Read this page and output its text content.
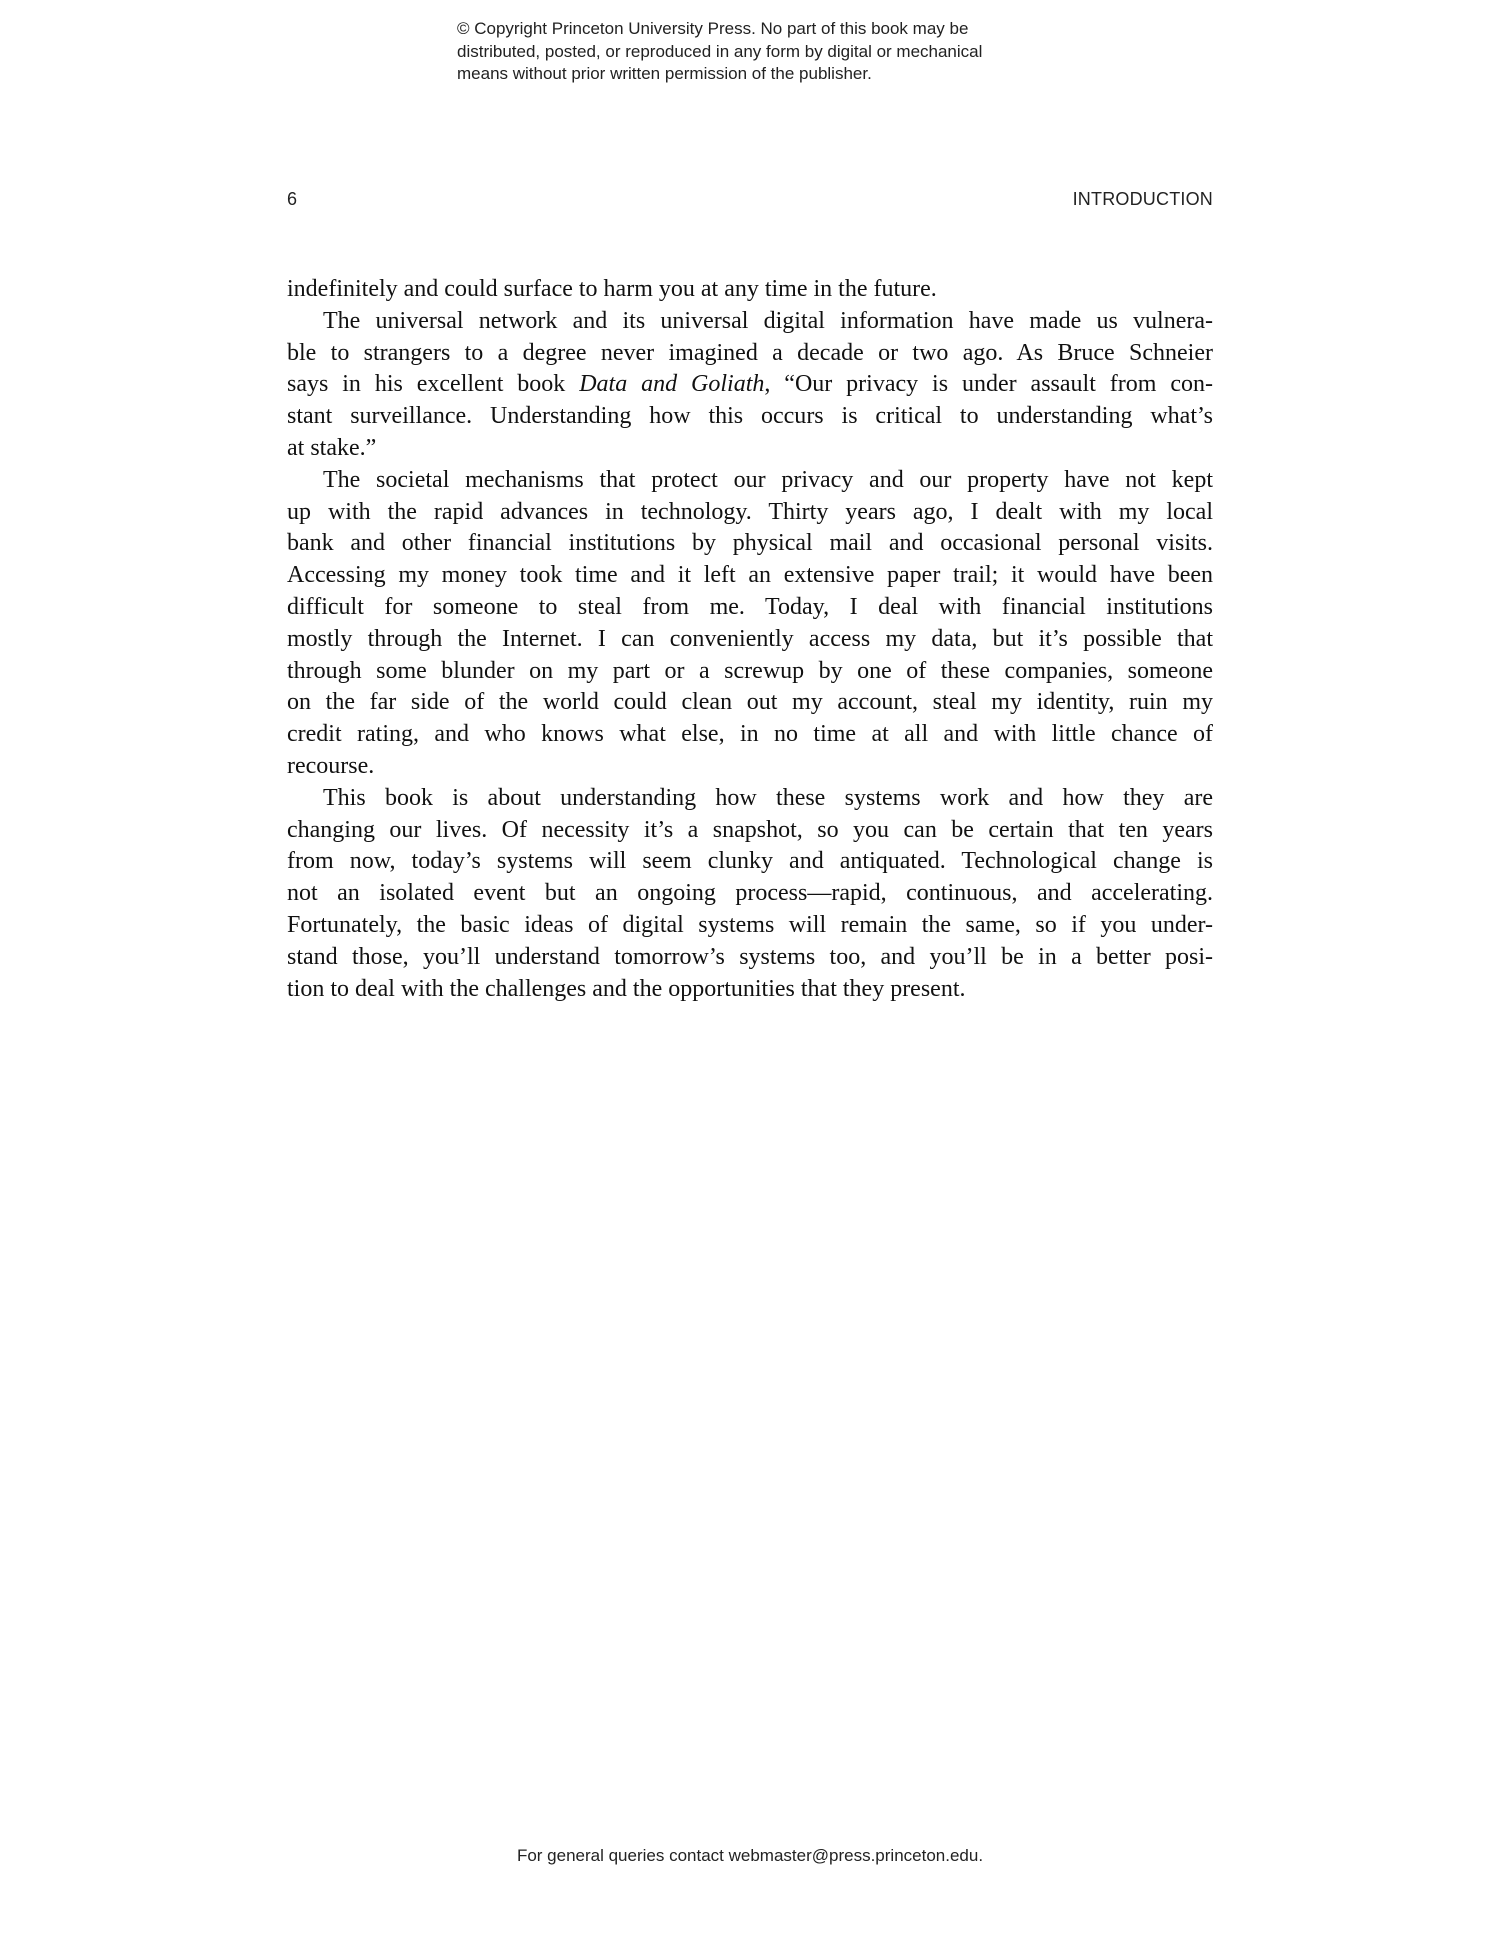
© Copyright Princeton University Press. No part of this book may be
distributed, posted, or reproduced in any form by digital or mechanical
means without prior written permission of the publisher.
6	INTRODUCTION
indefinitely and could surface to harm you at any time in the future.
The universal network and its universal digital information have made us vulnera-
ble to strangers to a degree never imagined a decade or two ago. As Bruce Schneier
says in his excellent book Data and Goliath, “Our privacy is under assault from con-
stant surveillance. Understanding how this occurs is critical to understanding what’s
at stake.”
The societal mechanisms that protect our privacy and our property have not kept
up with the rapid advances in technology. Thirty years ago, I dealt with my local
bank and other financial institutions by physical mail and occasional personal visits.
Accessing my money took time and it left an extensive paper trail; it would have been
difficult for someone to steal from me. Today, I deal with financial institutions
mostly through the Internet. I can conveniently access my data, but it’s possible that
through some blunder on my part or a screwup by one of these companies, someone
on the far side of the world could clean out my account, steal my identity, ruin my
credit rating, and who knows what else, in no time at all and with little chance of
recourse.
This book is about understanding how these systems work and how they are
changing our lives. Of necessity it’s a snapshot, so you can be certain that ten years
from now, today’s systems will seem clunky and antiquated. Technological change is
not an isolated event but an ongoing process—rapid, continuous, and accelerating.
Fortunately, the basic ideas of digital systems will remain the same, so if you under-
stand those, you’ll understand tomorrow’s systems too, and you’ll be in a better posi-
tion to deal with the challenges and the opportunities that they present.
For general queries contact webmaster@press.princeton.edu.
